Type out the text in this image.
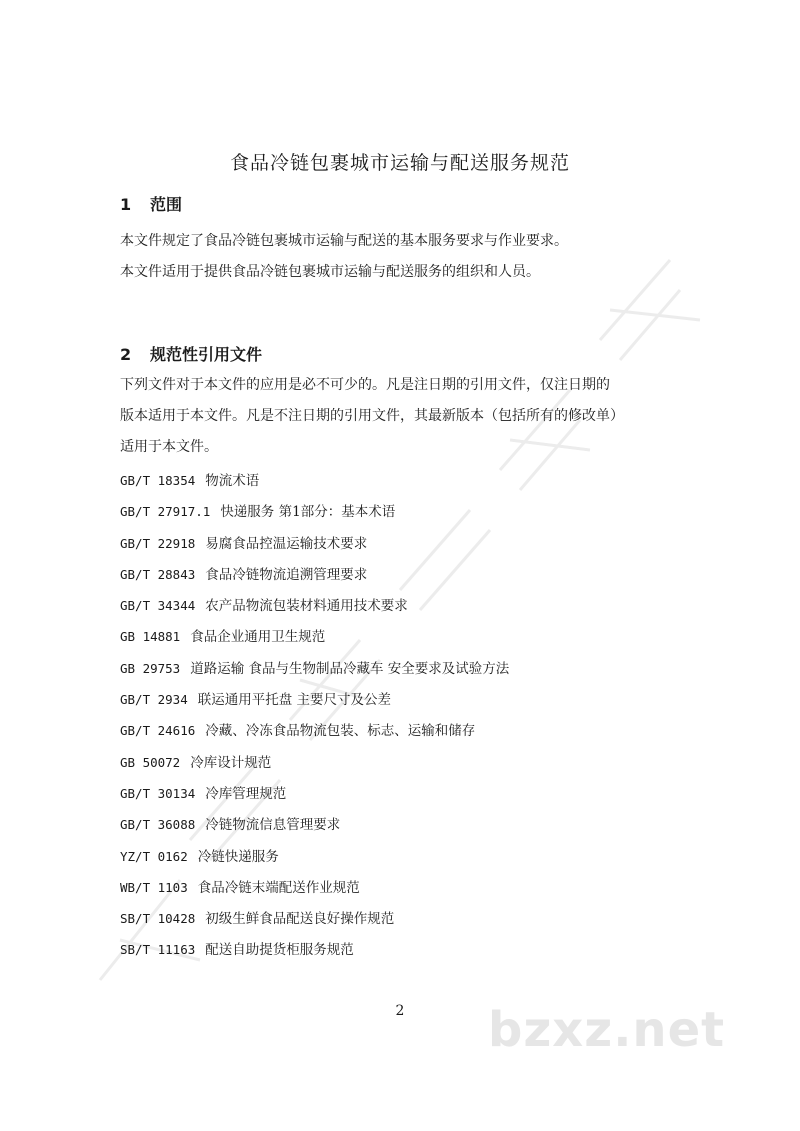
食品冷链包裹城市运输与配送服务规范
1 范围
本文件规定了食品冷链包裹城市运输与配送的基本服务要求与作业要求。
本文件适用于提供食品冷链包裹城市运输与配送服务的组织和人员。
2 规范性引用文件
下列文件对于本文件的应用是必不可少的。凡是注日期的引用文件，仅注日期的
版本适用于本文件。凡是不注日期的引用文件，其最新版本（包括所有的修改单）
适用于本文件。
GB/T 18354 物流术语
GB/T 27917.1 快递服务 第1部分：基本术语
GB/T 22918 易腐食品控温运输技术要求
GB/T 28843 食品冷链物流追溯管理要求
GB/T 34344 农产品物流包装材料通用技术要求
GB 14881 食品企业通用卫生规范
GB 29753 道路运输 食品与生物制品冷藏车 安全要求及试验方法
GB/T 2934 联运通用平托盘 主要尺寸及公差
GB/T 24616 冷藏、冷冻食品物流包装、标志、运输和储存
GB 50072 冷库设计规范
GB/T 30134 冷库管理规范
GB/T 36088 冷链物流信息管理要求
YZ/T 0162 冷链快递服务
WB/T 1103 食品冷链末端配送作业规范
SB/T 10428 初级生鲜食品配送良好操作规范
SB/T 11163 配送自助提货柜服务规范
2	bzxz.net
